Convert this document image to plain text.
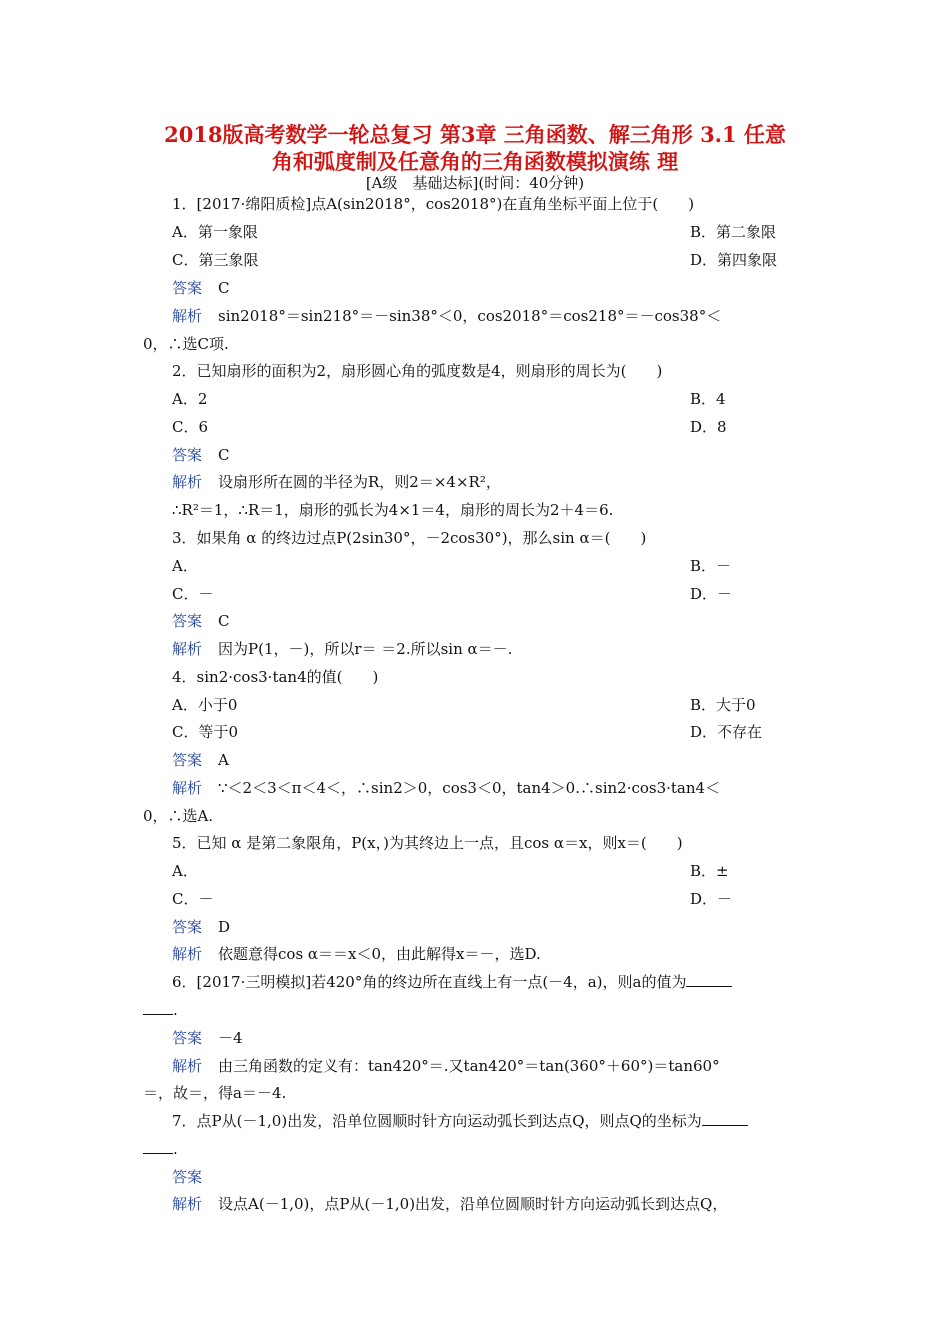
2018版高考数学一轮总复习 第3章 三角函数、解三角形 3.1 任意
角和弧度制及任意角的三角函数模拟演练 理
[A级　基础达标](时间：40分钟)
1．[2017·绵阳质检]点A(sin2018°，cos2018°)在直角坐标平面上位于(　　)
A．第一象限	B．第二象限
C．第三象限	D．第四象限
答案 C
解析 sin2018°＝sin218°＝－sin38°＜0，cos2018°＝cos218°＝－cos38°＜
0，∴选C项.
2．已知扇形的面积为2，扇形圆心角的弧度数是4，则扇形的周长为(　　)
A．2	B．4
C．6	D．8
答案 C
解析 设扇形所在圆的半径为R，则2＝×4×R²，
∴R²＝1，∴R＝1，扇形的弧长为4×1＝4，扇形的周长为2＋4＝6.
3．如果角 α 的终边过点P(2sin30°，－2cos30°)，那么sin α＝(　　)
A．	B．－
C．－	D．－
答案 C
解析 因为P(1，－)，所以r＝ ＝2.所以sin α＝－.
4．sin2·cos3·tan4的值(　　)
A．小于0	B．大于0
C．等于0	D．不存在
答案 A
解析 ∵＜2＜3＜π＜4＜，∴sin2＞0，cos3＜0，tan4＞0.∴sin2·cos3·tan4＜
0，∴选A.
5．已知 α 是第二象限角，P(x，)为其终边上一点，且cos α＝x，则x＝(　　)
A．	B．±
C．－	D．－
答案 D
解析 依题意得cos α＝＝x＜0，由此解得x＝－，选D.
6．[2017·三明模拟]若420°角的终边所在直线上有一点(－4，a)，则a的值为
.
答案 －4
解析 由三角函数的定义有：tan420°＝.又tan420°＝tan(360°＋60°)＝tan60°
＝，故＝，得a＝－4.
7．点P从(－1,0)出发，沿单位圆顺时针方向运动弧长到达点Q，则点Q的坐标为
.
答案
解析 设点A(－1,0)，点P从(－1,0)出发，沿单位圆顺时针方向运动弧长到达点Q，
